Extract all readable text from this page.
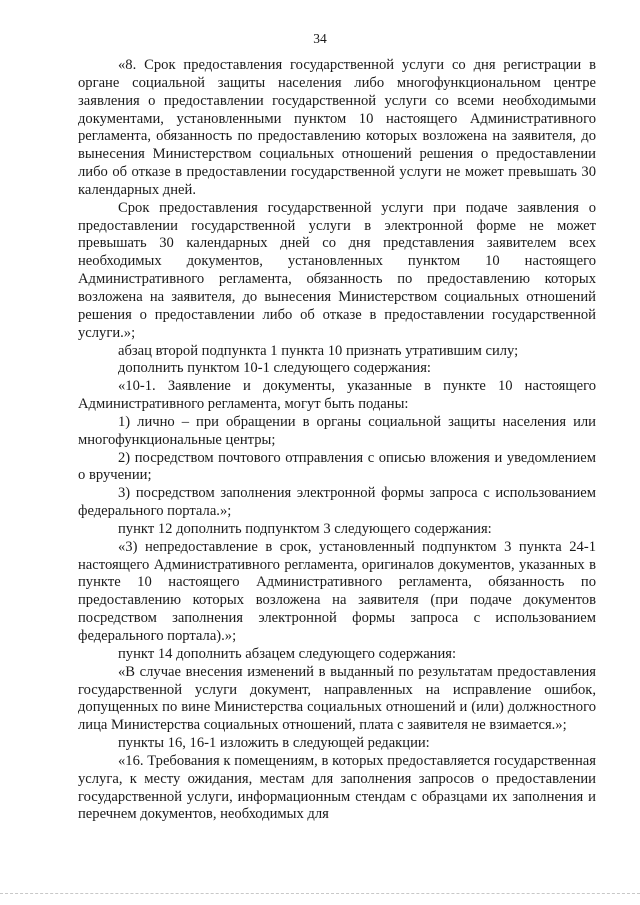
34

«8. Срок предоставления государственной услуги со дня регистрации в органе социальной защиты населения либо многофункциональном центре заявления о предоставлении государственной услуги со всеми необходимыми документами, установленными пунктом 10 настоящего Административного регламента, обязанность по предоставлению которых возложена на заявителя, до вынесения Министерством социальных отношений решения о предоставлении либо об отказе в предоставлении государственной услуги не может превышать 30 календарных дней.

Срок предоставления государственной услуги при подаче заявления о предоставлении государственной услуги в электронной форме не может превышать 30 календарных дней со дня представления заявителем всех необходимых документов, установленных пунктом 10 настоящего Административного регламента, обязанность по предоставлению которых возложена на заявителя, до вынесения Министерством социальных отношений решения о предоставлении либо об отказе в предоставлении государственной услуги.»;

абзац второй подпункта 1 пункта 10 признать утратившим силу;

дополнить пунктом 10-1 следующего содержания:

«10-1. Заявление и документы, указанные в пункте 10 настоящего Административного регламента, могут быть поданы:

1) лично – при обращении в органы социальной защиты населения или многофункциональные центры;

2) посредством почтового отправления с описью вложения и уведомлением о вручении;

3) посредством заполнения электронной формы запроса с использованием федерального портала.»;

пункт 12 дополнить подпунктом 3 следующего содержания:

«3) непредоставление в срок, установленный подпунктом 3 пункта 24-1 настоящего Административного регламента, оригиналов документов, указанных в пункте 10 настоящего Административного регламента, обязанность по предоставлению которых возложена на заявителя (при подаче документов посредством заполнения электронной формы запроса с использованием федерального портала).»;

пункт 14 дополнить абзацем следующего содержания:

«В случае внесения изменений в выданный по результатам предоставления государственной услуги документ, направленных на исправление ошибок, допущенных по вине Министерства социальных отношений и (или) должностного лица Министерства социальных отношений, плата с заявителя не взимается.»;

пункты 16, 16-1 изложить в следующей редакции:

«16. Требования к помещениям, в которых предоставляется государственная услуга, к месту ожидания, местам для заполнения запросов о предоставлении государственной услуги, информационным стендам с образцами их заполнения и перечнем документов, необходимых для
